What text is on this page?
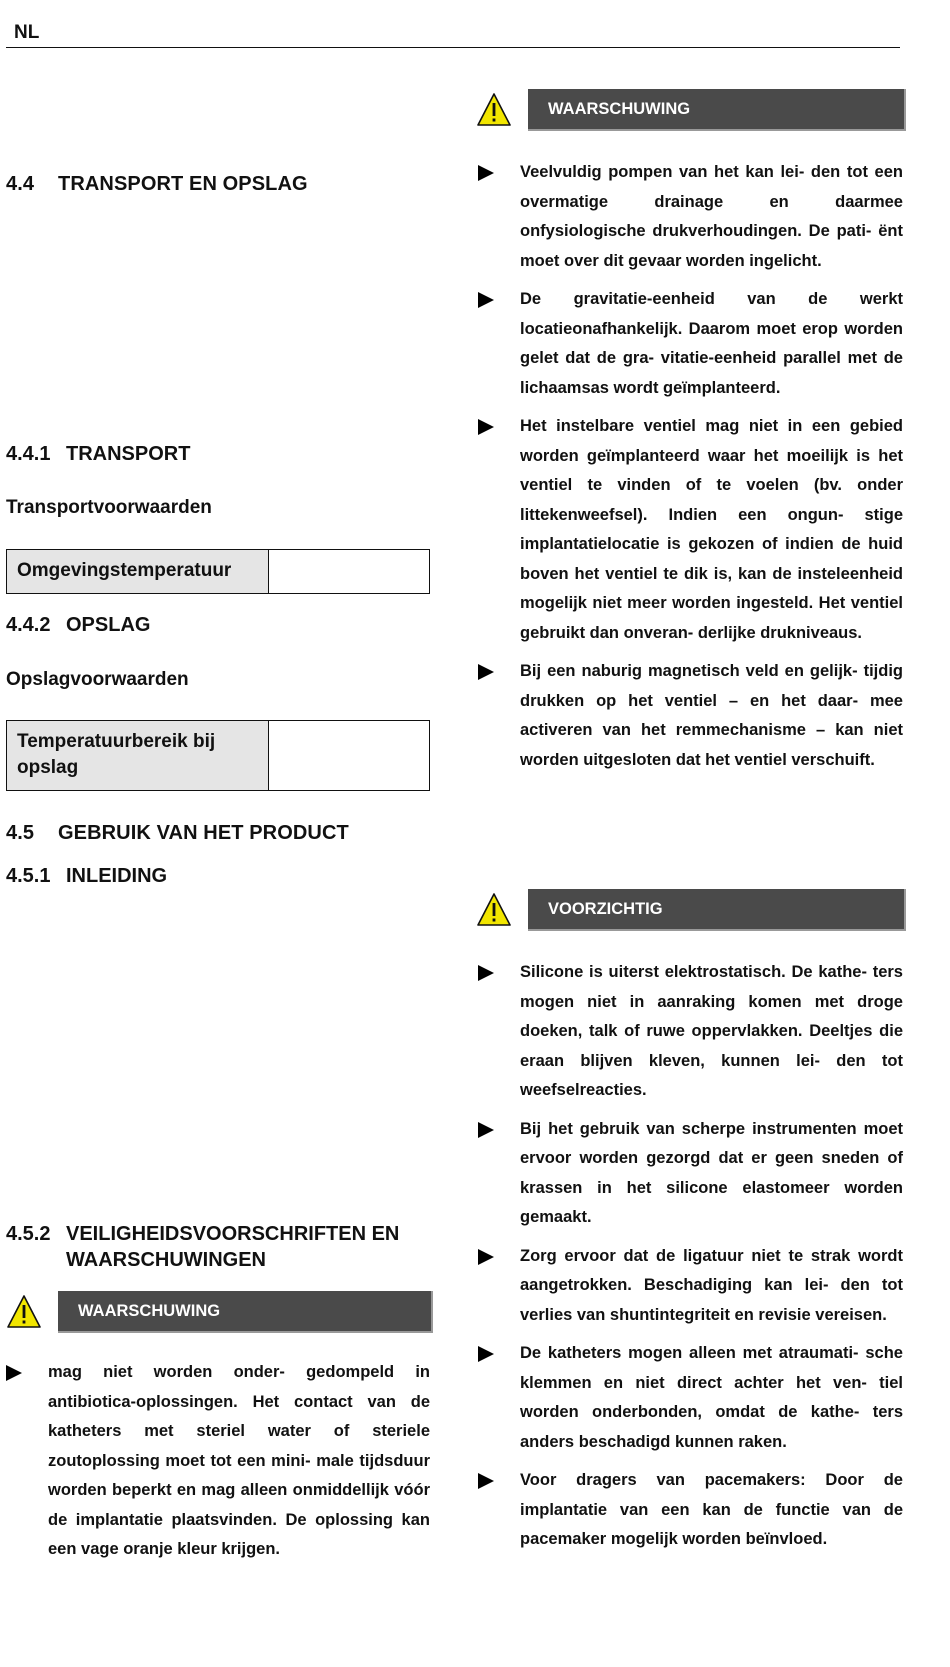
NL
4.4 TRANSPORT EN OPSLAG
4.4.1 TRANSPORT
Transportvoorwaarden
Omgevingstemperatuur
4.4.2 OPSLAG
Opslagvoorwaarden
Temperatuurbereik bij opslag
4.5 GEBRUIK VAN HET PRODUCT
4.5.1 INLEIDING
4.5.2 VEILIGHEIDSVOORSCHRIFTEN EN
WAARSCHUWINGEN
WAARSCHUWING
mag niet worden onder- gedompeld in antibiotica-oplossingen. Het contact van de katheters met steriel water of steriele zoutoplossing moet tot een mini- male tijdsduur worden beperkt en mag alleen onmiddellijk vóór de implantatie plaatsvinden. De oplossing kan een vage oranje kleur krijgen.
WAARSCHUWING
Veelvuldig pompen van het kan lei- den tot een overmatige drainage en daarmee onfysiologische drukverhoudingen. De pati- ënt moet over dit gevaar worden ingelicht.
De gravitatie-eenheid van de werkt locatieonafhankelijk. Daarom moet erop worden gelet dat de gra- vitatie-eenheid parallel met de lichaamsas wordt geïmplanteerd.
Het instelbare ventiel mag niet in een gebied worden geïmplanteerd waar het moeilijk is het ventiel te vinden of te voelen (bv. onder littekenweefsel). Indien een ongun- stige implantatielocatie is gekozen of indien de huid boven het ventiel te dik is, kan de insteleenheid mogelijk niet meer worden ingesteld. Het ventiel gebruikt dan onveran- derlijke drukniveaus.
Bij een naburig magnetisch veld en gelijk- tijdig drukken op het ventiel – en het daar- mee activeren van het remmechanisme – kan niet worden uitgesloten dat het ventiel verschuift.
VOORZICHTIG
Silicone is uiterst elektrostatisch. De kathe- ters mogen niet in aanraking komen met droge doeken, talk of ruwe oppervlakken. Deeltjes die eraan blijven kleven, kunnen lei- den tot weefselreacties.
Bij het gebruik van scherpe instrumenten moet ervoor worden gezorgd dat er geen sneden of krassen in het silicone elastomeer worden gemaakt.
Zorg ervoor dat de ligatuur niet te strak wordt aangetrokken. Beschadiging kan lei- den tot verlies van shuntintegriteit en revisie vereisen.
De katheters mogen alleen met atraumati- sche klemmen en niet direct achter het ven- tiel worden onderbonden, omdat de kathe- ters anders beschadigd kunnen raken.
Voor dragers van pacemakers: Door de implantatie van een kan de functie van de pacemaker mogelijk worden beïnvloed.
